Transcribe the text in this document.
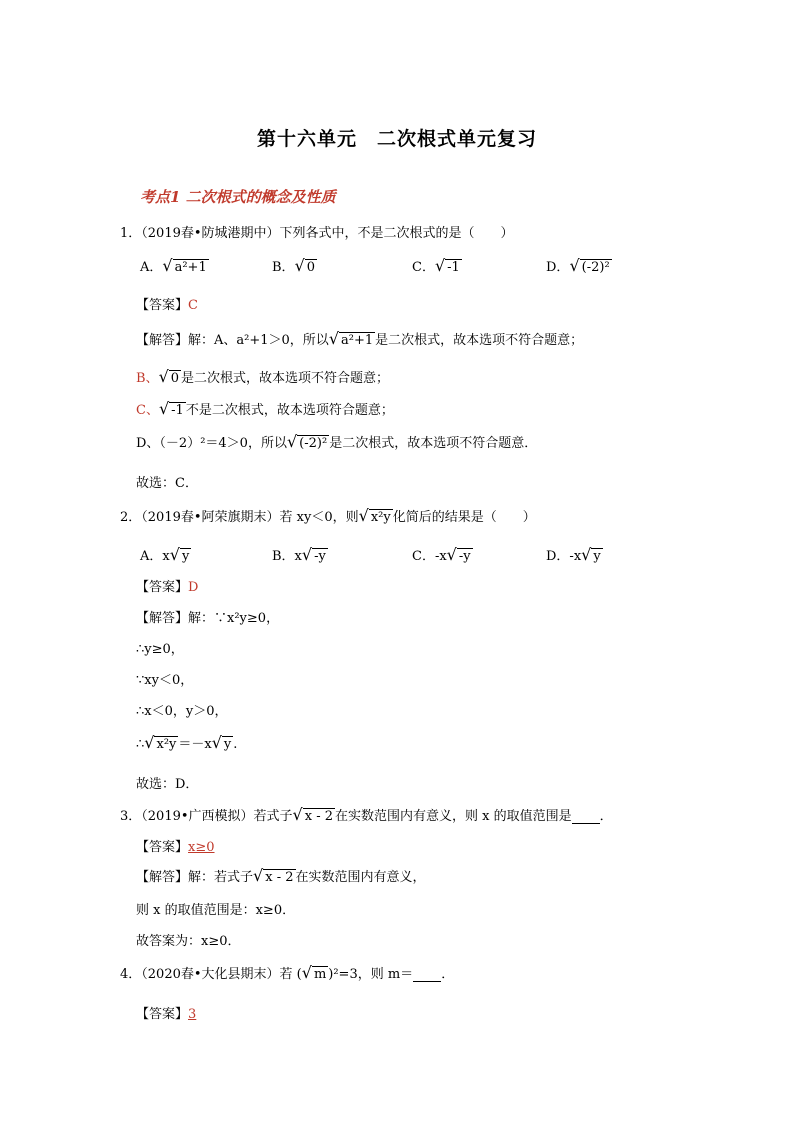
第十六单元　二次根式单元复习
考点1 二次根式的概念及性质
1．（2019春•防城港期中）下列各式中，不是二次根式的是（　　）
A．√ a²+1	B．√ 0	C．√ -1	D．√ (-2)²
【答案】C
【解答】解：A、a²+1＞0，所以√ a²+1 是二次根式，故本选项不符合题意；
B、√ 0 是二次根式，故本选项不符合题意；
C、√ -1 不是二次根式，故本选项符合题意；
D、（－2）²＝4＞0，所以√ (-2)² 是二次根式，故本选项不符合题意．
故选：C．
2．（2019春•阿荣旗期末）若 xy＜0，则√ x²y 化简后的结果是（　　）
A．x√ y	B．x√ -y	C．-x√ -y	D．-x√ y
【答案】D
【解答】解：∵x²y≥0，
∴y≥0，
∵xy＜0，
∴x＜0，y＞0，
∴√ x²y ＝－x√ y .
故选：D．
3．（2019•广西模拟）若式子√ x - 2 在实数范围内有意义，则 x 的取值范围是 ．
【答案】x≥0
【解答】解：若式子√ x - 2 在实数范围内有意义，
则 x 的取值范围是：x≥0．
故答案为：x≥0．
4．（2020春•大化县期末）若 (√ m )²=3，则 m＝ ．
【答案】3
